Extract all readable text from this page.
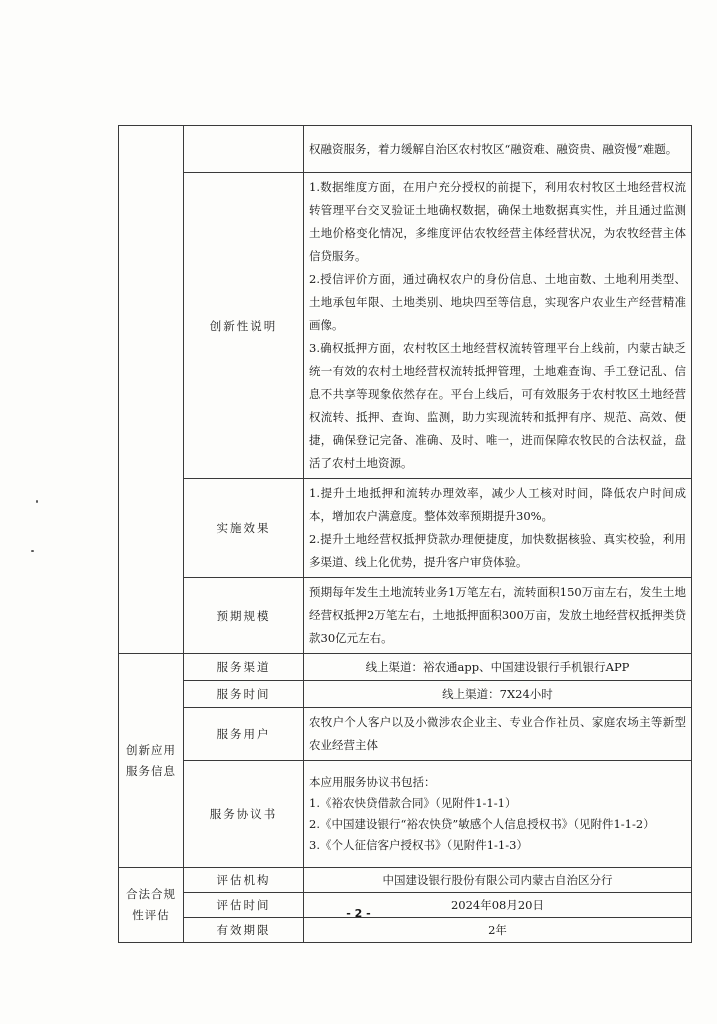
		权融资服务，着力缓解自治区农村牧区“融资难、融资贵、融资慢”难题。
	创新性说明	1.数据维度方面，在用户充分授权的前提下，利用农村牧区土地经营权流转管理平台交叉验证土地确权数据，确保土地数据真实性，并且通过监测土地价格变化情况，多维度评估农牧经营主体经营状况，为农牧经营主体信贷服务。
2.授信评价方面，通过确权农户的身份信息、土地亩数、土地利用类型、土地承包年限、土地类别、地块四至等信息，实现客户农业生产经营精准画像。
3.确权抵押方面，农村牧区土地经营权流转管理平台上线前，内蒙古缺乏统一有效的农村土地经营权流转抵押管理，土地难查询、手工登记乱、信息不共享等现象依然存在。平台上线后，可有效服务于农村牧区土地经营权流转、抵押、查询、监测，助力实现流转和抵押有序、规范、高效、便捷，确保登记完备、准确、及时、唯一，进而保障农牧民的合法权益，盘活了农村土地资源。

	实施效果	1.提升土地抵押和流转办理效率，减少人工核对时间，降低农户时间成本，增加农户满意度。整体效率预期提升30%。
2.提升土地经营权抵押贷款办理便捷度，加快数据核验、真实校验，利用多渠道、线上化优势，提升客户审贷体验。

	预期规模	预期每年发生土地流转业务1万笔左右，流转面积150万亩左右，发生土地经营权抵押2万笔左右，土地抵押面积300万亩，发放土地经营权抵押类贷款30亿元左右。
创新应用服务信息	服务渠道	线上渠道：裕农通app、中国建设银行手机银行APP
	服务时间	线上渠道：7X24小时
	服务用户	农牧户个人客户以及小微涉农企业主、专业合作社员、家庭农场主等新型农业经营主体
	服务协议书	本应用服务协议书包括：
1.《裕农快贷借款合同》（见附件1-1-1）
2.《中国建设银行“裕农快贷”敏感个人信息授权书》（见附件1-1-2）
3.《个人征信客户授权书》（见附件1-1-3）

合法合规性评估	评估机构	中国建设银行股份有限公司内蒙古自治区分行
	评估时间	2024年08月20日
	有效期限	2年
- 2 -
